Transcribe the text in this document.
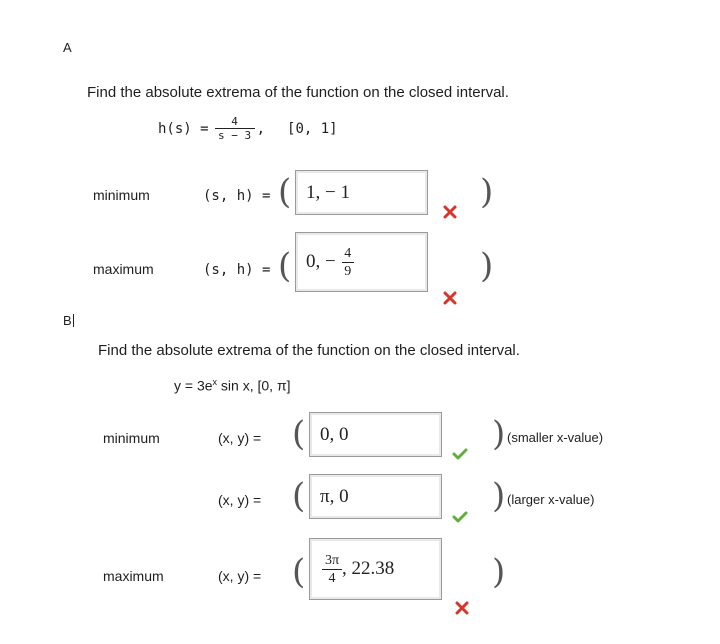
A
Find the absolute extrema of the function on the closed interval.
$h(s) = \frac{4}{s - 3}$ , [0, 1]
minimum	(s, h) = ( 1, − 1	)
maximum	(s, h) = ( 0, − $\frac{4}{9}$	)
B
Find the absolute extrema of the function on the closed interval.
$y = 3e^x$ sin x, [0, π]
minimum	(x, y) = ( 0, 0	) (smaller x-value)
(x, y) = ( π, 0	) (larger x-value)
maximum	(x, y) = ( $\frac{3\pi}{4}$ , 22.38	)
